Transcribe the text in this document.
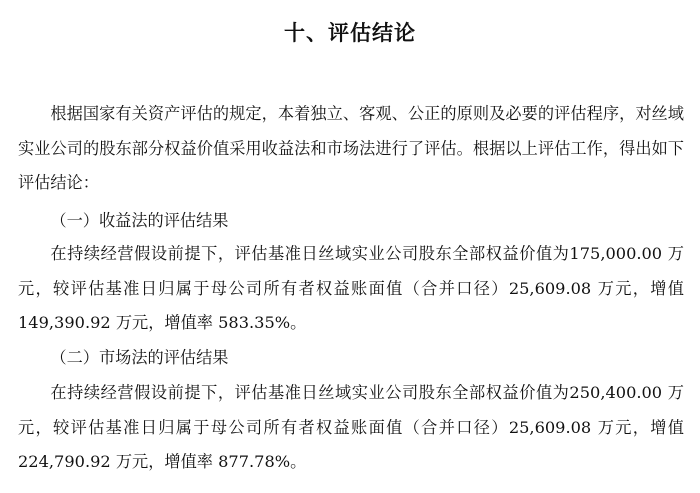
十、评估结论

根据国家有关资产评估的规定，本着独立、客观、公正的原则及必要的评估程序，对丝域实业公司的股东部分权益价值采用收益法和市场法进行了评估。根据以上评估工作，得出如下评估结论：

（一）收益法的评估结果

在持续经营假设前提下，评估基准日丝域实业公司股东全部权益价值为175,000.00 万元，较评估基准日归属于母公司所有者权益账面值（合并口径）25,609.08 万元，增值 149,390.92 万元，增值率 583.35%。

（二）市场法的评估结果

在持续经营假设前提下，评估基准日丝域实业公司股东全部权益价值为250,400.00 万元，较评估基准日归属于母公司所有者权益账面值（合并口径）25,609.08 万元，增值 224,790.92 万元，增值率 877.78%。
